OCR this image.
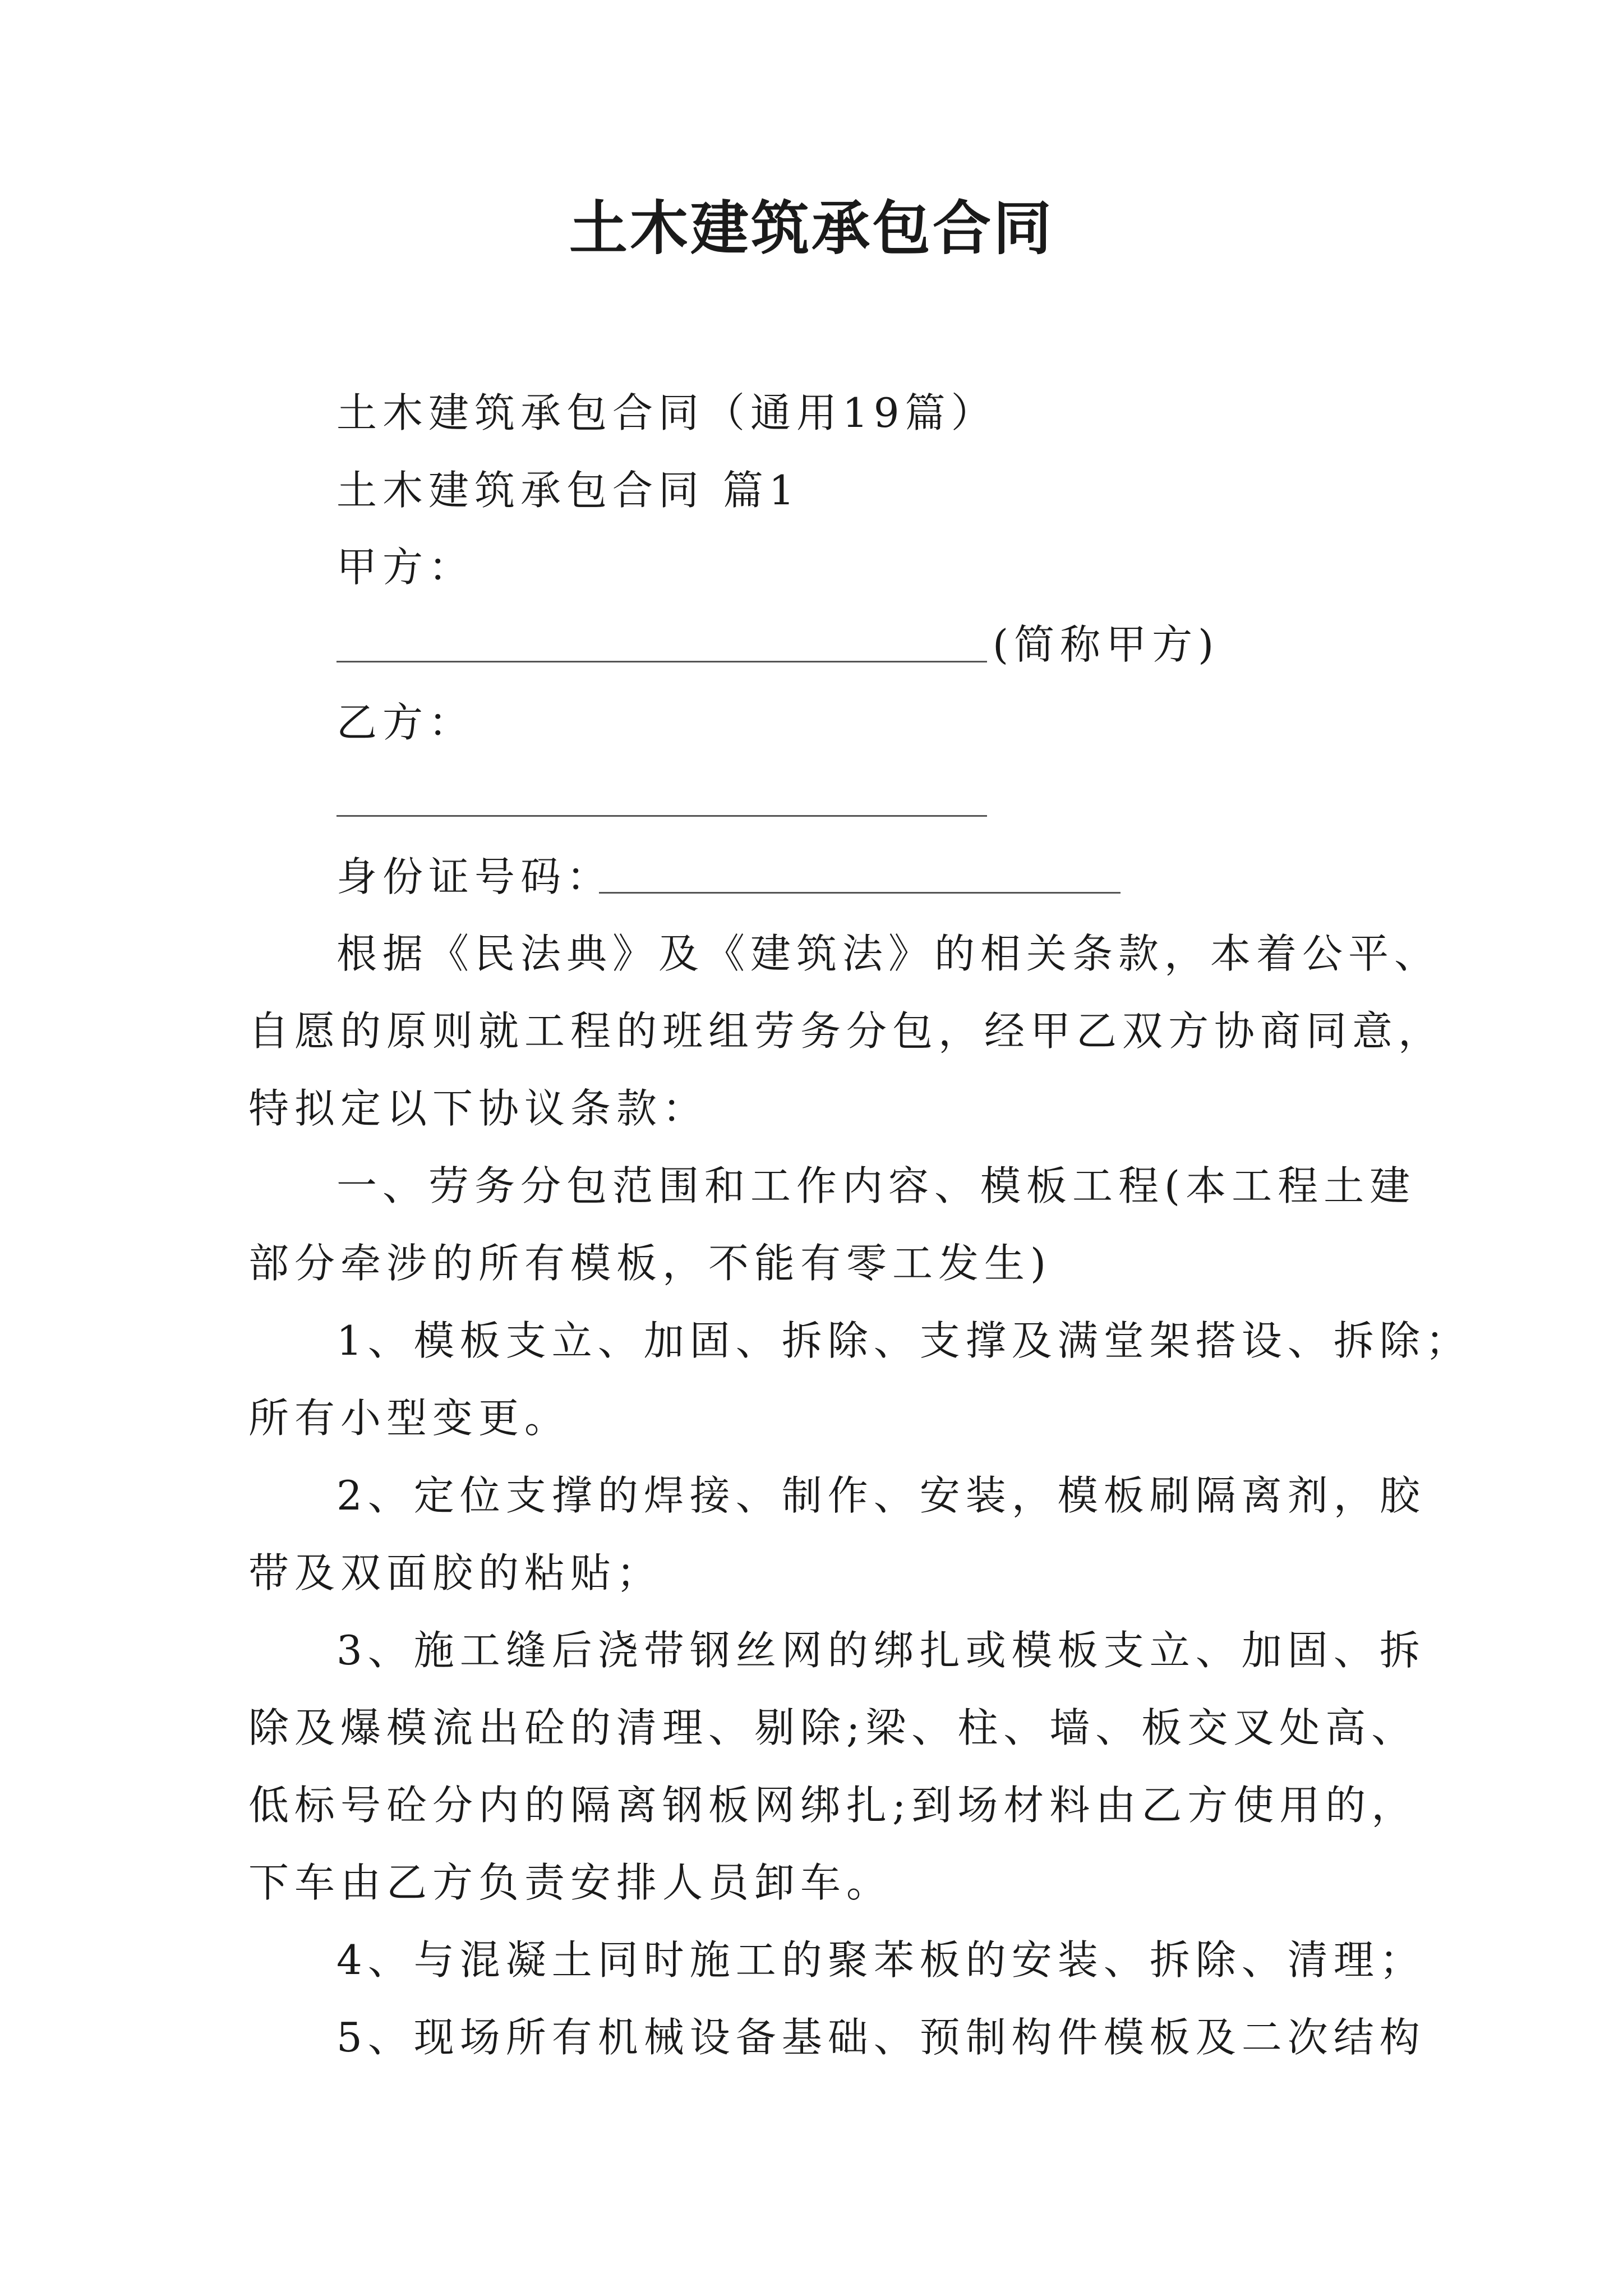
土木建筑承包合同
土木建筑承包合同（通用19篇）
土木建筑承包合同 篇1
甲方：
(简称甲方)
乙方：
身份证号码：
根据《民法典》及《建筑法》的相关条款，本着公平、
自愿的原则就工程的班组劳务分包，经甲乙双方协商同意，
特拟定以下协议条款：
一、劳务分包范围和工作内容、模板工程(本工程土建
部分牵涉的所有模板，不能有零工发生)
1、模板支立、加固、拆除、支撑及满堂架搭设、拆除；
所有小型变更。
2、定位支撑的焊接、制作、安装，模板刷隔离剂，胶
带及双面胶的粘贴；
3、施工缝后浇带钢丝网的绑扎或模板支立、加固、拆
除及爆模流出砼的清理、剔除;梁、柱、墙、板交叉处高、
低标号砼分内的隔离钢板网绑扎;到场材料由乙方使用的，
下车由乙方负责安排人员卸车。
4、与混凝土同时施工的聚苯板的安装、拆除、清理；
5、现场所有机械设备基础、预制构件模板及二次结构
